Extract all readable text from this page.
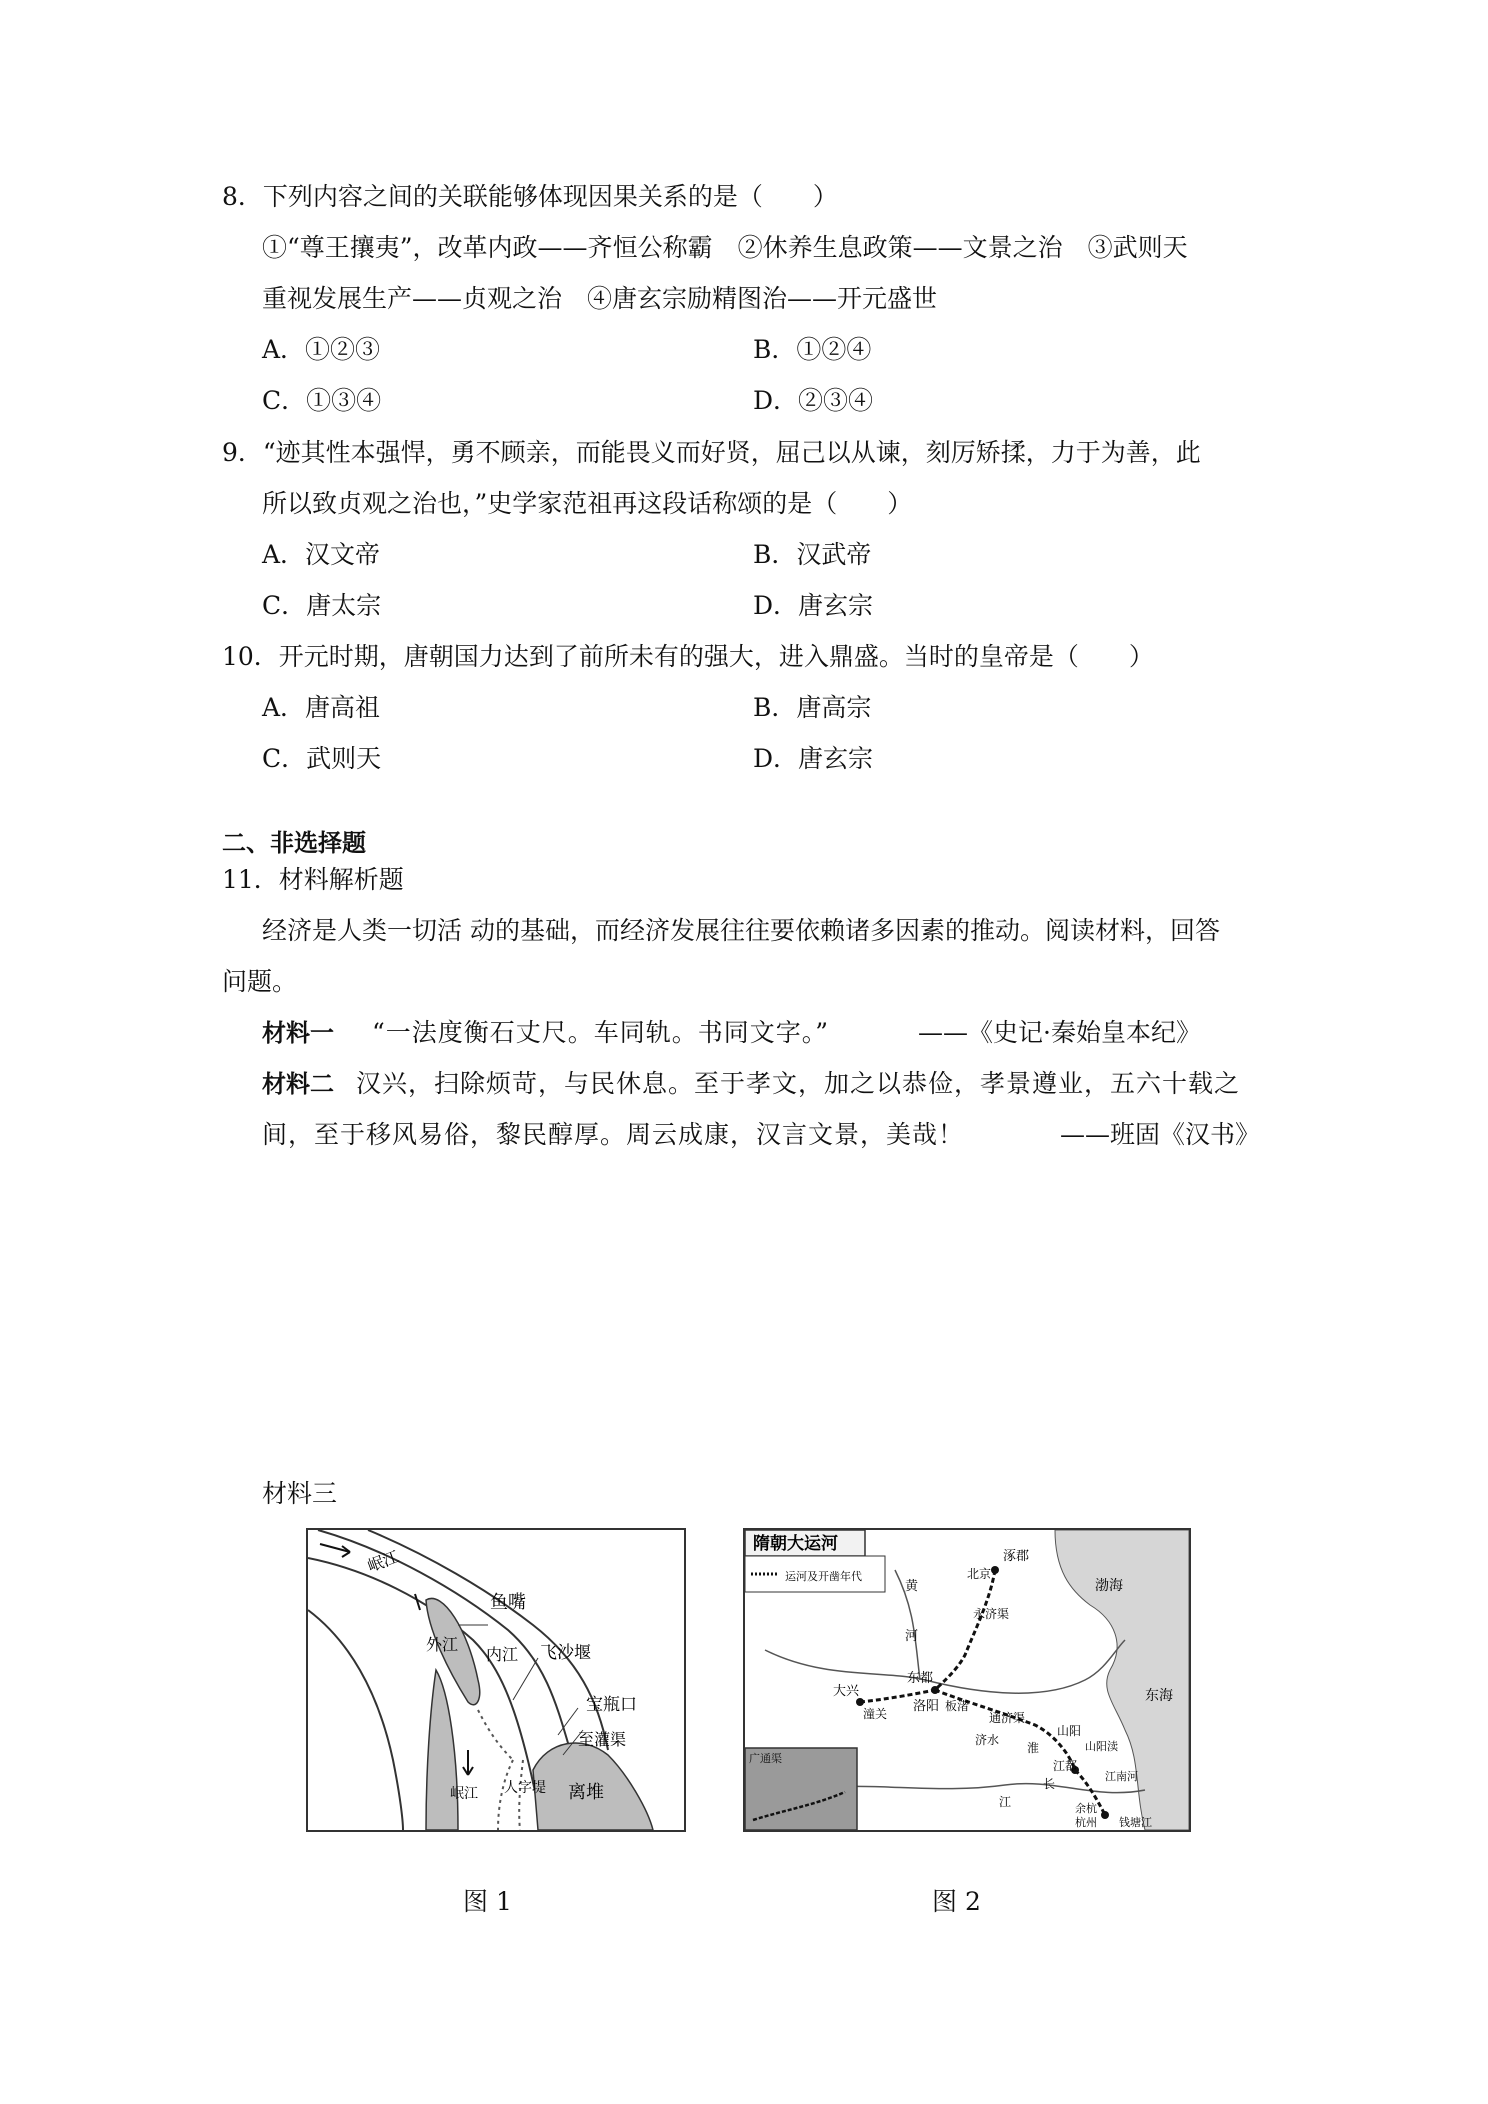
8．下列内容之间的关联能够体现因果关系的是（　　）
①“尊王攘夷”，改革内政——齐恒公称霸　②休养生息政策——文景之治　③武则天
重视发展生产——贞观之治　④唐玄宗励精图治——开元盛世
A．①②③	B．①②④
C．①③④	D．②③④
9．“迹其性本强悍，勇不顾亲，而能畏义而好贤，屈己以从谏，刻厉矫揉，力于为善，此
所以致贞观之治也，”史学家范祖再这段话称颂的是（　　）
A．汉文帝	B．汉武帝
C．唐太宗	D．唐玄宗
10．开元时期，唐朝国力达到了前所未有的强大，进入鼎盛。当时的皇帝是（　　）
A．唐高祖	B．唐高宗
C．武则天	D．唐玄宗
二、非选择题
11．材料解析题
经济是人类一切活 动的基础，而经济发展往往要依赖诸多因素的推动。阅读材料，回答
问题。
材料一 “一法度衡石丈尺。车同轨。书同文字。”	——《史记·秦始皇本纪》
材料二 汉兴，扫除烦苛，与民休息。至于孝文，加之以恭俭，孝景遵业，五六十载之
间，至于移风易俗，黎民醇厚。周云成康，汉言文景，美哉！	——班固《汉书》
材料三
岷江
鱼嘴
外江
内江 飞沙堰
宝瓶口
至灌渠
离堆
人字堤
岷江
图 1
隋朝大运河
运河及开凿年代
广通渠
涿郡
北京
大兴
潼关
东都
洛阳 板渚
山阳
江都
余杭
杭州 钱塘江
渤海
东海
黄
河
永济渠
通济渠
济水
淮	山阳渎
长
江
江南河
图 2
